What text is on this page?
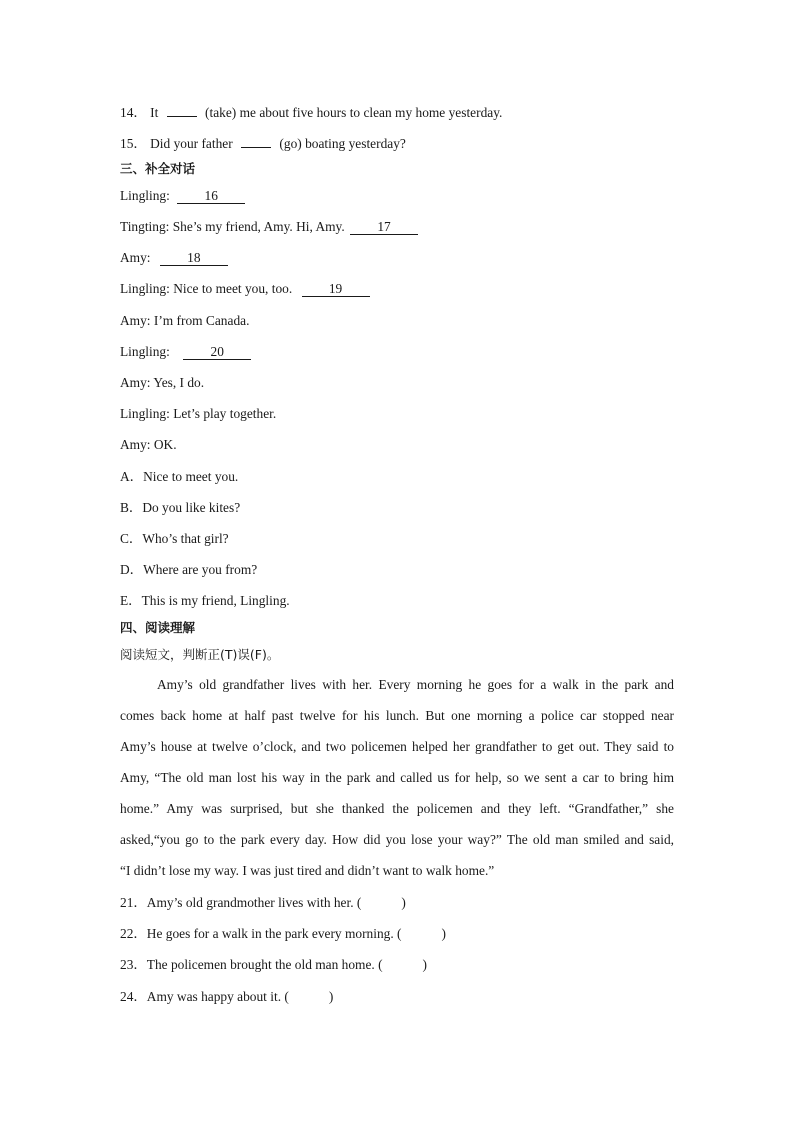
14． It	(take) me about five hours to clean my home yesterday.
15． Did your father	(go) boating yesterday?
三、补全对话
Lingling:	16
Tingting: She’s my friend, Amy. Hi, Amy. 17
Amy:	18
Lingling: Nice to meet you, too.	19
Amy: I’m from Canada.
Lingling:	20
Amy: Yes, I do.
Lingling: Let’s play together.
Amy: OK.
A．Nice to meet you.
B．Do you like kites?
C．Who’s that girl?
D．Where are you from?
E．This is my friend, Lingling.
四、阅读理解
阅读短文，判断正(T)误(F)。
Amy’s old grandfather lives with her. Every morning he goes for a walk in the park and
comes back home at half past twelve for his lunch. But one morning a police car stopped near
Amy’s house at twelve o’clock, and two policemen helped her grandfather to get out. They said to
Amy, “The old man lost his way in the park and called us for help, so we sent a car to bring him
home.” Amy was surprised, but she thanked the policemen and they left. “Grandfather,” she
asked,“you go to the park every day. How did you lose your way?” The old man smiled and said,
“I didn’t lose my way. I was just tired and didn’t want to walk home.”
21．Amy’s old grandmother lives with her. (	)
22．He goes for a walk in the park every morning. (	)
23．The policemen brought the old man home. (	)
24．Amy was happy about it. (	)
